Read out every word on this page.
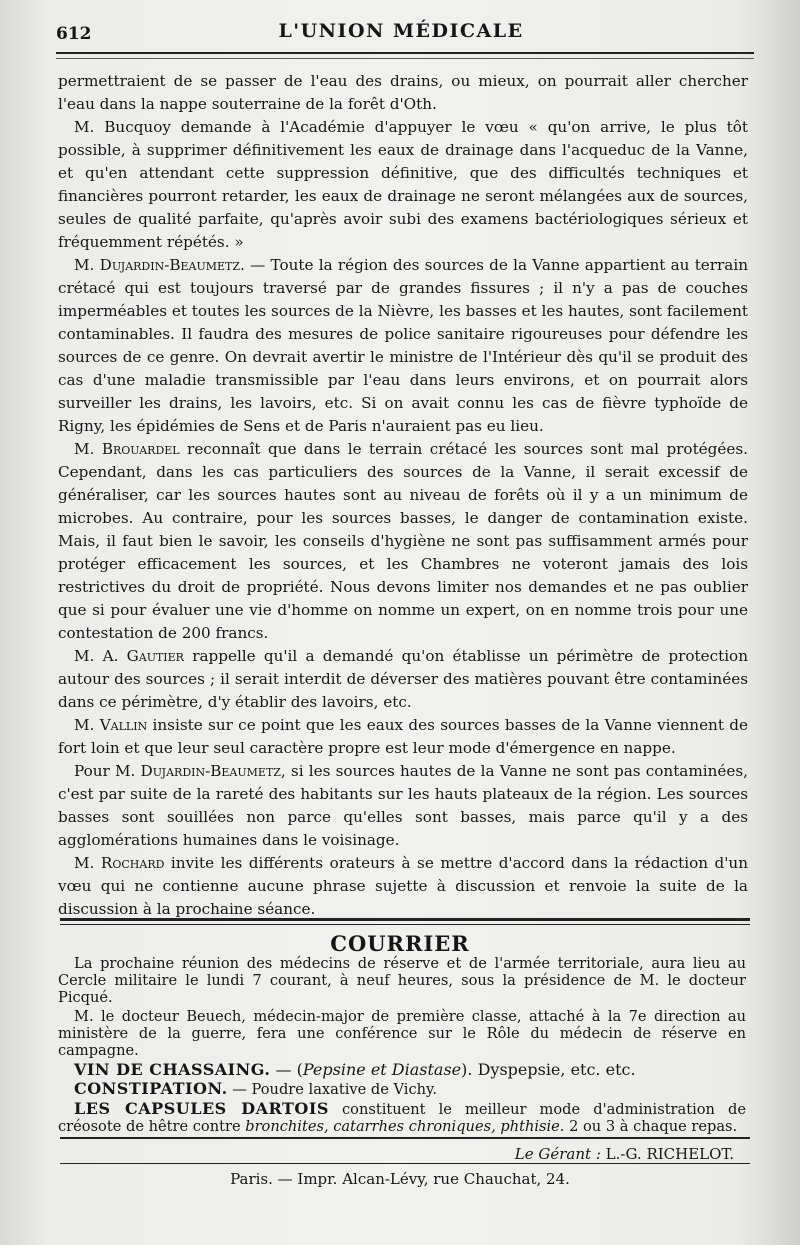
612	L'UNION MÉDICALE

permettraient de se passer de l'eau des drains, ou mieux, on pourrait aller chercher l'eau dans la nappe souterraine de la forêt d'Oth.

M. Bucquoy demande à l'Académie d'appuyer le vœu « qu'on arrive, le plus tôt possible, à supprimer définitivement les eaux de drainage dans l'acqueduc de la Vanne, et qu'en attendant cette suppression définitive, que des difficultés techniques et financières pourront retarder, les eaux de drainage ne seront mélangées aux de sources, seules de qualité parfaite, qu'après avoir subi des examens bactériologiques sérieux et fréquemment répétés. »

M. Dujardin-Beaumetz. — Toute la région des sources de la Vanne appartient au terrain crétacé qui est toujours traversé par de grandes fissures ; il n'y a pas de couches imperméables et toutes les sources de la Nièvre, les basses et les hautes, sont facilement contaminables. Il faudra des mesures de police sanitaire rigoureuses pour défendre les sources de ce genre. On devrait avertir le ministre de l'Intérieur dès qu'il se produit des cas d'une maladie transmissible par l'eau dans leurs environs, et on pourrait alors surveiller les drains, les lavoirs, etc. Si on avait connu les cas de fièvre typhoïde de Rigny, les épidémies de Sens et de Paris n'auraient pas eu lieu.

M. Brouardel reconnaît que dans le terrain crétacé les sources sont mal protégées. Cependant, dans les cas particuliers des sources de la Vanne, il serait excessif de généraliser, car les sources hautes sont au niveau de forêts où il y a un minimum de microbes. Au contraire, pour les sources basses, le danger de contamination existe. Mais, il faut bien le savoir, les conseils d'hygiène ne sont pas suffisamment armés pour protéger efficacement les sources, et les Chambres ne voteront jamais des lois restrictives du droit de propriété. Nous devons limiter nos demandes et ne pas oublier que si pour évaluer une vie d'homme on nomme un expert, on en nomme trois pour une contestation de 200 francs.

M. A. Gautier rappelle qu'il a demandé qu'on établisse un périmètre de protection autour des sources ; il serait interdit de déverser des matières pouvant être contaminées dans ce périmètre, d'y établir des lavoirs, etc.

M. Vallin insiste sur ce point que les eaux des sources basses de la Vanne viennent de fort loin et que leur seul caractère propre est leur mode d'émergence en nappe.

Pour M. Dujardin-Beaumetz, si les sources hautes de la Vanne ne sont pas contaminées, c'est par suite de la rareté des habitants sur les hauts plateaux de la région. Les sources basses sont souillées non parce qu'elles sont basses, mais parce qu'il y a des agglomérations humaines dans le voisinage.

M. Rochard invite les différents orateurs à se mettre d'accord dans la rédaction d'un vœu qui ne contienne aucune phrase sujette à discussion et renvoie la suite de la discussion à la prochaine séance.

COURRIER

La prochaine réunion des médecins de réserve et de l'armée territoriale, aura lieu au Cercle militaire le lundi 7 courant, à neuf heures, sous la présidence de M. le docteur Picqué.

M. le docteur Beuech, médecin-major de première classe, attaché à la 7e direction au ministère de la guerre, fera une conférence sur le Rôle du médecin de réserve en campagne.

VIN DE CHASSAING. — (Pepsine et Diastase). Dyspepsie, etc. etc.

CONSTIPATION. — Poudre laxative de Vichy.

LES CAPSULES DARTOIS constituent le meilleur mode d'administration de créosote de hêtre contre bronchites, catarrhes chroniques, phthisie. 2 ou 3 à chaque repas.

Le Gérant : L.-G. RICHELOT.
Paris. — Impr. Alcan-Lévy, rue Chauchat, 24.
